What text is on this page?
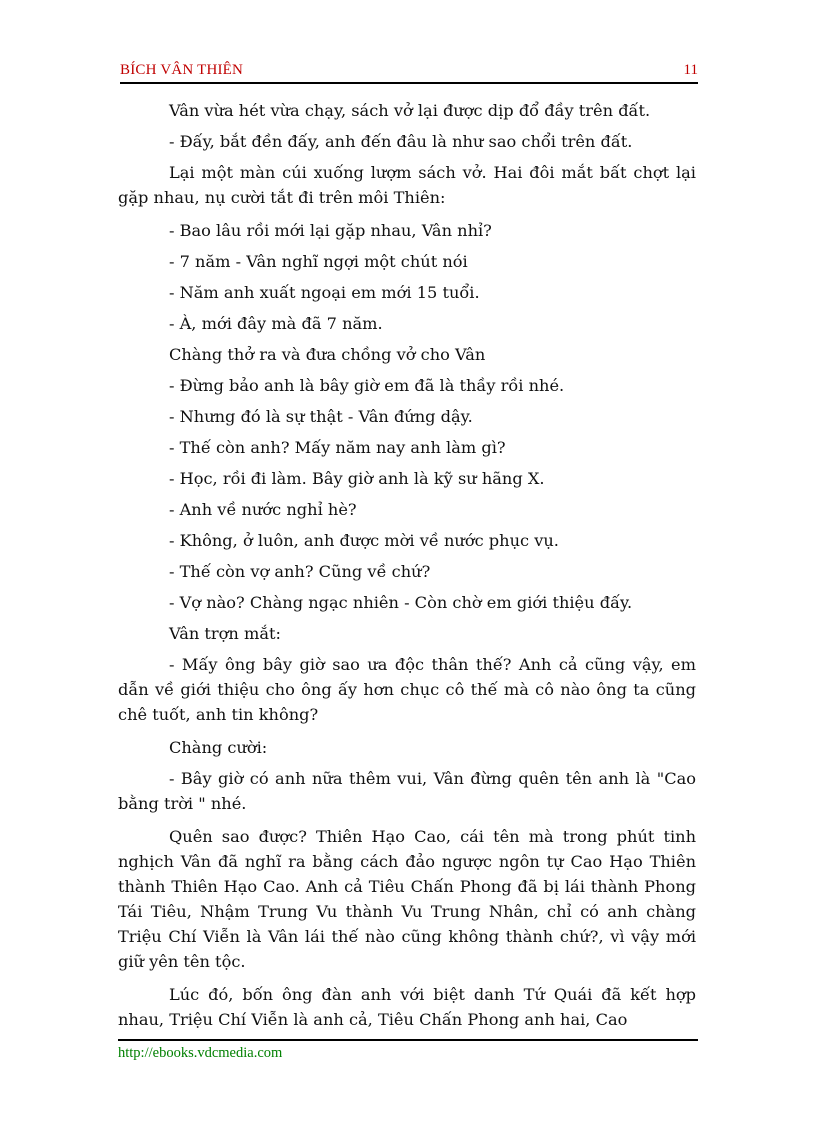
BÍCH VÂN THIÊN	11

Vân vừa hét vừa chạy, sách vở lại được dịp đổ đầy trên đất.

- Đấy, bắt đền đấy, anh đến đâu là như sao chổi trên đất.

Lại một màn cúi xuống lượm sách vở. Hai đôi mắt bất chợt lại gặp nhau, nụ cười tắt đi trên môi Thiên:

- Bao lâu rồi mới lại gặp nhau, Vân nhỉ?

- 7 năm - Vân nghĩ ngợi một chút nói

- Năm anh xuất ngoại em mới 15 tuổi.

- À, mới đây mà đã 7 năm.

Chàng thở ra và đưa chồng vở cho Vân

- Đừng bảo anh là bây giờ em đã là thầy rồi nhé.

- Nhưng đó là sự thật - Vân đứng dậy.

- Thế còn anh? Mấy năm nay anh làm gì?

- Học, rồi đi làm. Bây giờ anh là kỹ sư hãng X.

- Anh về nước nghỉ hè?

- Không, ở luôn, anh được mời về nước phục vụ.

- Thế còn vợ anh? Cũng về chứ?

- Vợ nào? Chàng ngạc nhiên - Còn chờ em giới thiệu đấy.

Vân trợn mắt:

- Mấy ông bây giờ sao ưa độc thân thế? Anh cả cũng vậy, em dẫn về giới thiệu cho ông ấy hơn chục cô thế mà cô nào ông ta cũng chê tuốt, anh tin không?

Chàng cười:

- Bây giờ có anh nữa thêm vui, Vân đừng quên tên anh là "Cao bằng trời " nhé.

Quên sao được? Thiên Hạo Cao, cái tên mà trong phút tinh nghịch Vân đã nghĩ ra bằng cách đảo ngược ngôn tự Cao Hạo Thiên thành Thiên Hạo Cao. Anh cả Tiêu Chấn Phong đã bị lái thành Phong Tái Tiêu, Nhậm Trung Vu thành Vu Trung Nhân, chỉ có anh chàng Triệu Chí Viễn là Vân lái thế nào cũng không thành chứ?, vì vậy mới giữ yên tên tộc.

Lúc đó, bốn ông đàn anh với biệt danh Tứ Quái đã kết hợp nhau, Triệu Chí Viễn là anh cả, Tiêu Chấn Phong anh hai, Cao

http://ebooks.vdcmedia.com
